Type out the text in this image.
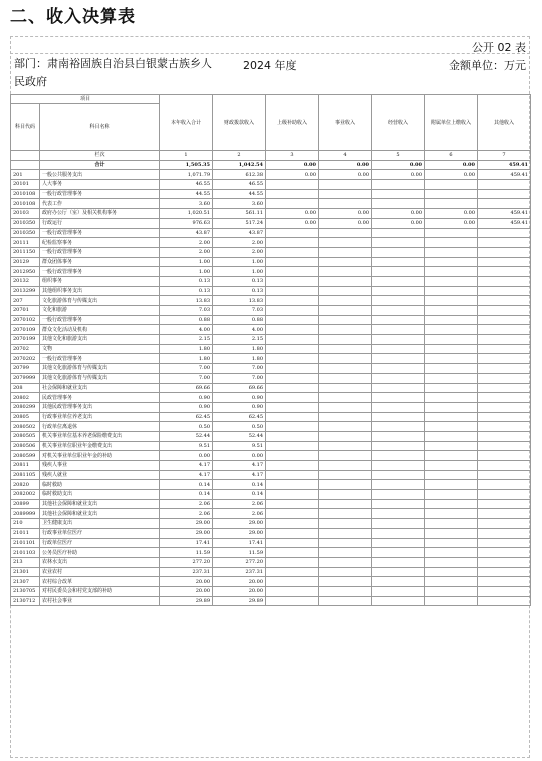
二、收入决算表
公开 02 表
部门：肃南裕固族自治县白银蒙古族乡人民政府
2024 年度	金额单位：万元
项目		本年收入合计	财政拨款收入	上级补助收入	事业收入	经营收入	附属单位上缴收入	其他收入
科目代码	科目名称							
	栏次	1	2	3	4	5	6	7
	合计	1,505.35	1,042.54	0.00	0.00	0.00	0.00	459.41
201	一般公共服务支出	1,071.79	612.38	0.00	0.00	0.00	0.00	459.41
20101	人大事务	46.55	46.55					
2010108	一般行政管理事务	44.55	44.55					
2010108	代表工作	3.60	3.60					
20103	政府办公厅（室）及相关机构事务	1,020.51	561.11	0.00	0.00	0.00	0.00	459.41
2010350	行政运行	976.63	517.24	0.00	0.00	0.00	0.00	459.41
2010350	一般行政管理事务	43.87	43.87					
20111	纪检监察事务	2.00	2.00					
2011150	一般行政管理事务	2.00	2.00					
20129	群众团体事务	1.00	1.00					
2012950	一般行政管理事务	1.00	1.00					
20132	组织事务	0.13	0.13					
2013299	其他组织事务支出	0.13	0.13					
207	文化旅游体育与传媒支出	13.83	13.83					
20701	文化和旅游	7.03	7.03					
2070102	一般行政管理事务	0.88	0.88					
2070109	群众文化活动及机构	4.00	4.00					
2070199	其他文化和旅游支出	2.15	2.15					
20702	文物	1.80	1.80					
2070202	一般行政管理事务	1.80	1.80					
20799	其他文化旅游体育与传媒支出	7.00	7.00					
2079999	其他文化旅游体育与传媒支出	7.00	7.00					
208	社会保障和就业支出	69.66	69.66					
20802	民政管理事务	0.90	0.90					
2080299	其他民政管理事务支出	0.90	0.90					
20805	行政事业单位养老支出	62.45	62.45					
2080502	行政单位离退休	0.50	0.50					
2080505	机关事业单位基本养老保险缴费支出	52.44	52.44					
2080506	机关事业单位职业年金缴费支出	9.51	9.51					
2080599	对机关事业单位职业年金的补助	0.00	0.00					
20811	残疾人事业	4.17	4.17					
2081105	残疾人就业	4.17	4.17					
20820	临时救助	0.14	0.14					
2082002	临时救助支出	0.14	0.14					
20899	其他社会保障和就业支出	2.06	2.06					
2089999	其他社会保障和就业支出	2.06	2.06					
210	卫生健康支出	29.00	29.00					
21011	行政事业单位医疗	29.00	29.00					
2101101	行政单位医疗	17.41	17.41					
2101103	公务员医疗补助	11.59	11.59					
213	农林水支出	277.20	277.20					
21301	农业农村	237.31	237.31					
21307	农村综合改革	20.00	20.00					
2130705	对村民委员会和村党支部的补助	20.00	20.00					
2130712	农村社会事业	29.89	29.89					
